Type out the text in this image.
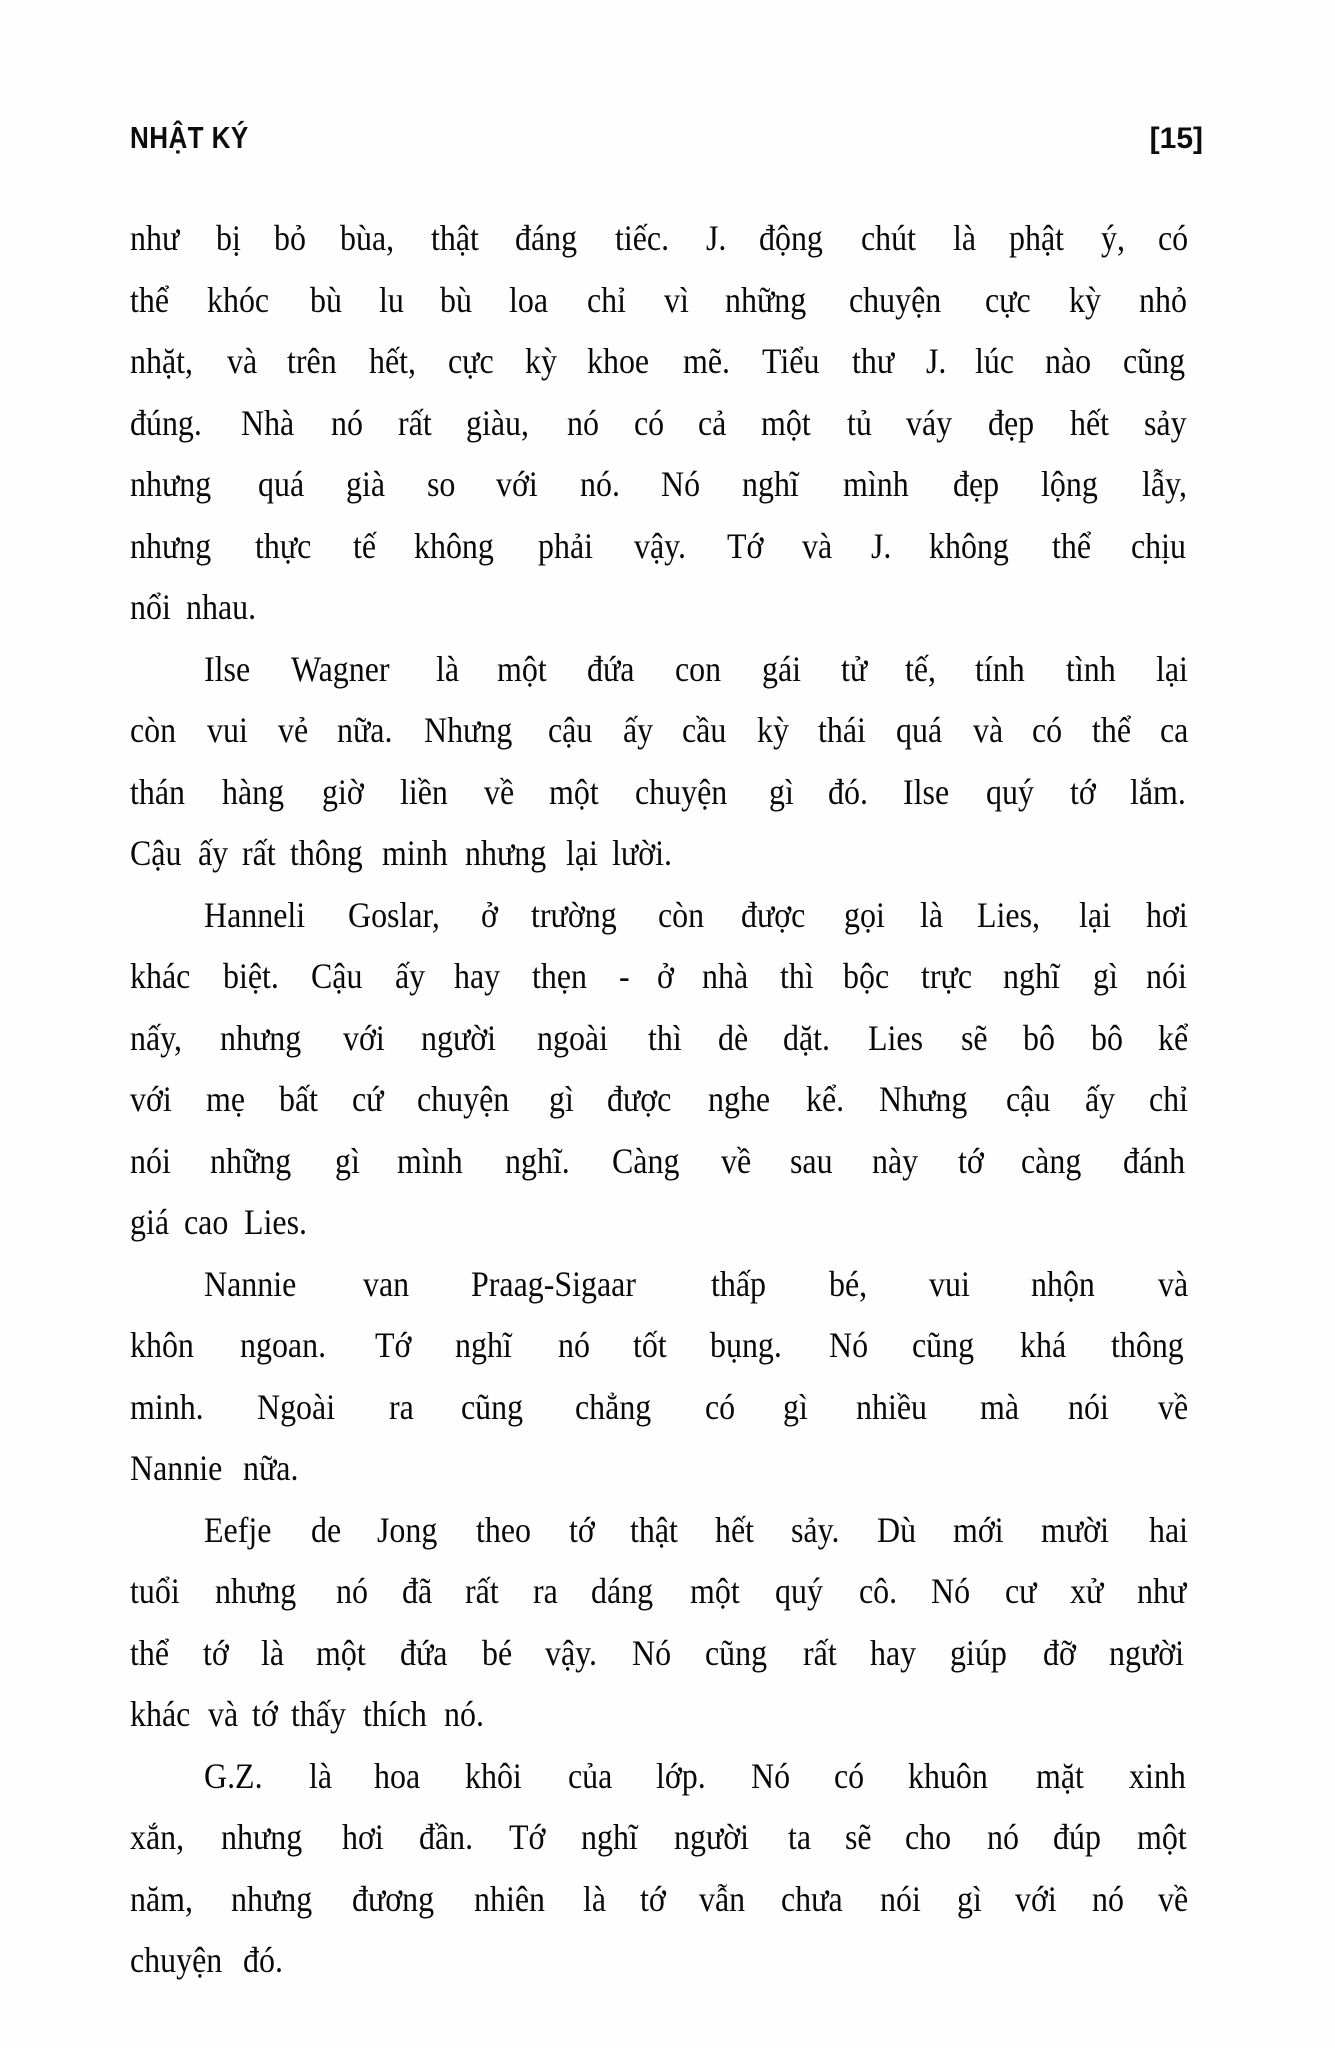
NHẬT KÝ	[15]
như bị bỏ bùa, thật đáng tiếc. J. động chút là phật ý, có
thể khóc bù lu bù loa chỉ vì những chuyện cực kỳ nhỏ
nhặt, và trên hết, cực kỳ khoe mẽ. Tiểu thư J. lúc nào cũng
đúng. Nhà nó rất giàu, nó có cả một tủ váy đẹp hết sảy
nhưng quá già so với nó. Nó nghĩ mình đẹp lộng lẫy,
nhưng thực tế không phải vậy. Tớ và J. không thể chịu
nổi nhau.
Ilse Wagner là một đứa con gái tử tế, tính tình lại
còn vui vẻ nữa. Nhưng cậu ấy cầu kỳ thái quá và có thể ca
thán hàng giờ liền về một chuyện gì đó. Ilse quý tớ lắm.
Cậu ấy rất thông minh nhưng lại lười.
Hanneli Goslar, ở trường còn được gọi là Lies, lại hơi
khác biệt. Cậu ấy hay thẹn - ở nhà thì bộc trực nghĩ gì nói
nấy, nhưng với người ngoài thì dè dặt. Lies sẽ bô bô kể
với mẹ bất cứ chuyện gì được nghe kể. Nhưng cậu ấy chỉ
nói những gì mình nghĩ. Càng về sau này tớ càng đánh
giá cao Lies.
Nannie van Praag-Sigaar thấp bé, vui nhộn và
khôn ngoan. Tớ nghĩ nó tốt bụng. Nó cũng khá thông
minh. Ngoài ra cũng chẳng có gì nhiều mà nói về
Nannie nữa.
Eefje de Jong theo tớ thật hết sảy. Dù mới mười hai
tuổi nhưng nó đã rất ra dáng một quý cô. Nó cư xử như
thể tớ là một đứa bé vậy. Nó cũng rất hay giúp đỡ người
khác và tớ thấy thích nó.
G.Z. là hoa khôi của lớp. Nó có khuôn mặt xinh
xắn, nhưng hơi đần. Tớ nghĩ người ta sẽ cho nó đúp một
năm, nhưng đương nhiên là tớ vẫn chưa nói gì với nó về
chuyện đó.
